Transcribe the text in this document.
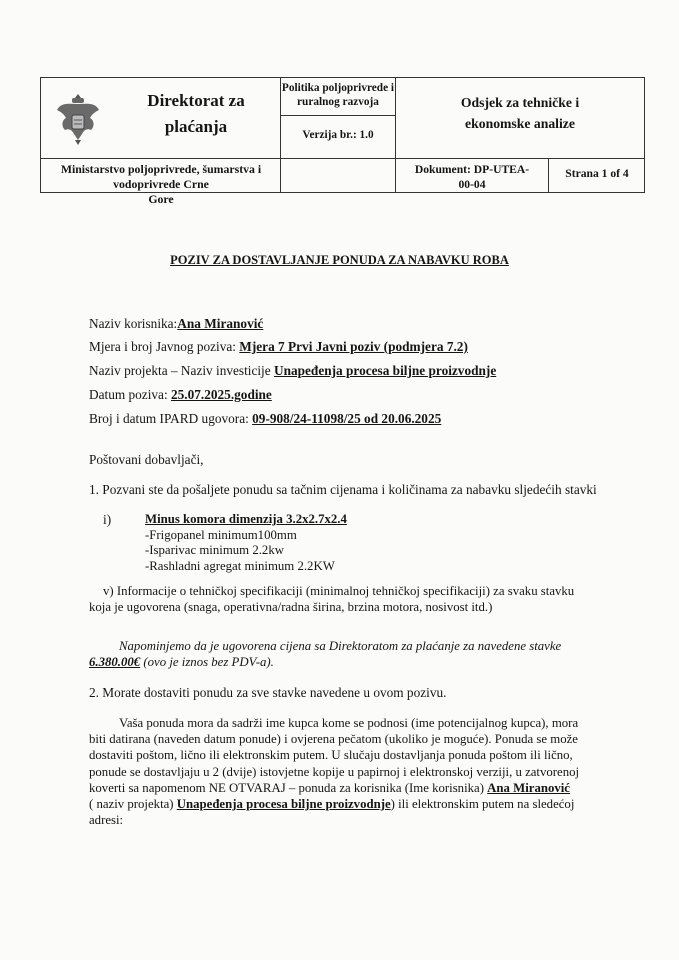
Direktorat za
plaćanja
Politika poljoprivrede i
ruralnog razvoja
Verzija br.: 1.0
Odsjek za tehničke i
ekonomske analize
Ministarstvo poljoprivrede, šumarstva i vodoprivrede Crne
Gore
Dokument: DP-UTEA-
00-04
Strana 1 of 4
POZIV ZA DOSTAVLJANJE PONUDA ZA NABAVKU ROBA
Naziv korisnika:Ana Miranović
Mjera i broj Javnog poziva: Mjera 7 Prvi Javni poziv (podmjera 7.2)
Naziv projekta – Naziv investicije Unapeđenja procesa biljne proizvodnje
Datum poziva: 25.07.2025.godine
Broj i datum IPARD ugovora: 09-908/24-11098/25 od 20.06.2025
Poštovani dobavljači,
1. Pozvani ste da pošaljete ponudu sa tačnim cijenama i količinama za nabavku sljedećih stavki
i)	Minus komora dimenzija 3.2x2.7x2.4
-Frigopanel minimum100mm
-Isparivac minimum 2.2kw
-Rashladni agregat minimum 2.2KW
v) Informacije o tehničkoj specifikaciji (minimalnoj tehničkoj specifikaciji) za svaku stavku
koja je ugovorena (snaga, operativna/radna širina, brzina motora, nosivost itd.)
Napominjemo da je ugovorena cijena sa Direktoratom za plaćanje za navedene stavke
6.380.00€ (ovo je iznos bez PDV-a).
2. Morate dostaviti ponudu za sve stavke navedene u ovom pozivu.
Vaša ponuda mora da sadrži ime kupca kome se podnosi (ime potencijalnog kupca), mora
biti datirana (naveden datum ponude) i ovjerena pečatom (ukoliko je moguće). Ponuda se može
dostaviti poštom, lično ili elektronskim putem. U slučaju dostavljanja ponuda poštom ili lično,
ponude se dostavljaju u 2 (dvije) istovjetne kopije u papirnoj i elektronskoj verziji, u zatvorenoj
koverti sa napomenom NE OTVARAJ – ponuda za korisnika (Ime korisnika) Ana Miranović
( naziv projekta) Unapeđenja procesa biljne proizvodnje) ili elektronskim putem na sledećoj
adresi:
